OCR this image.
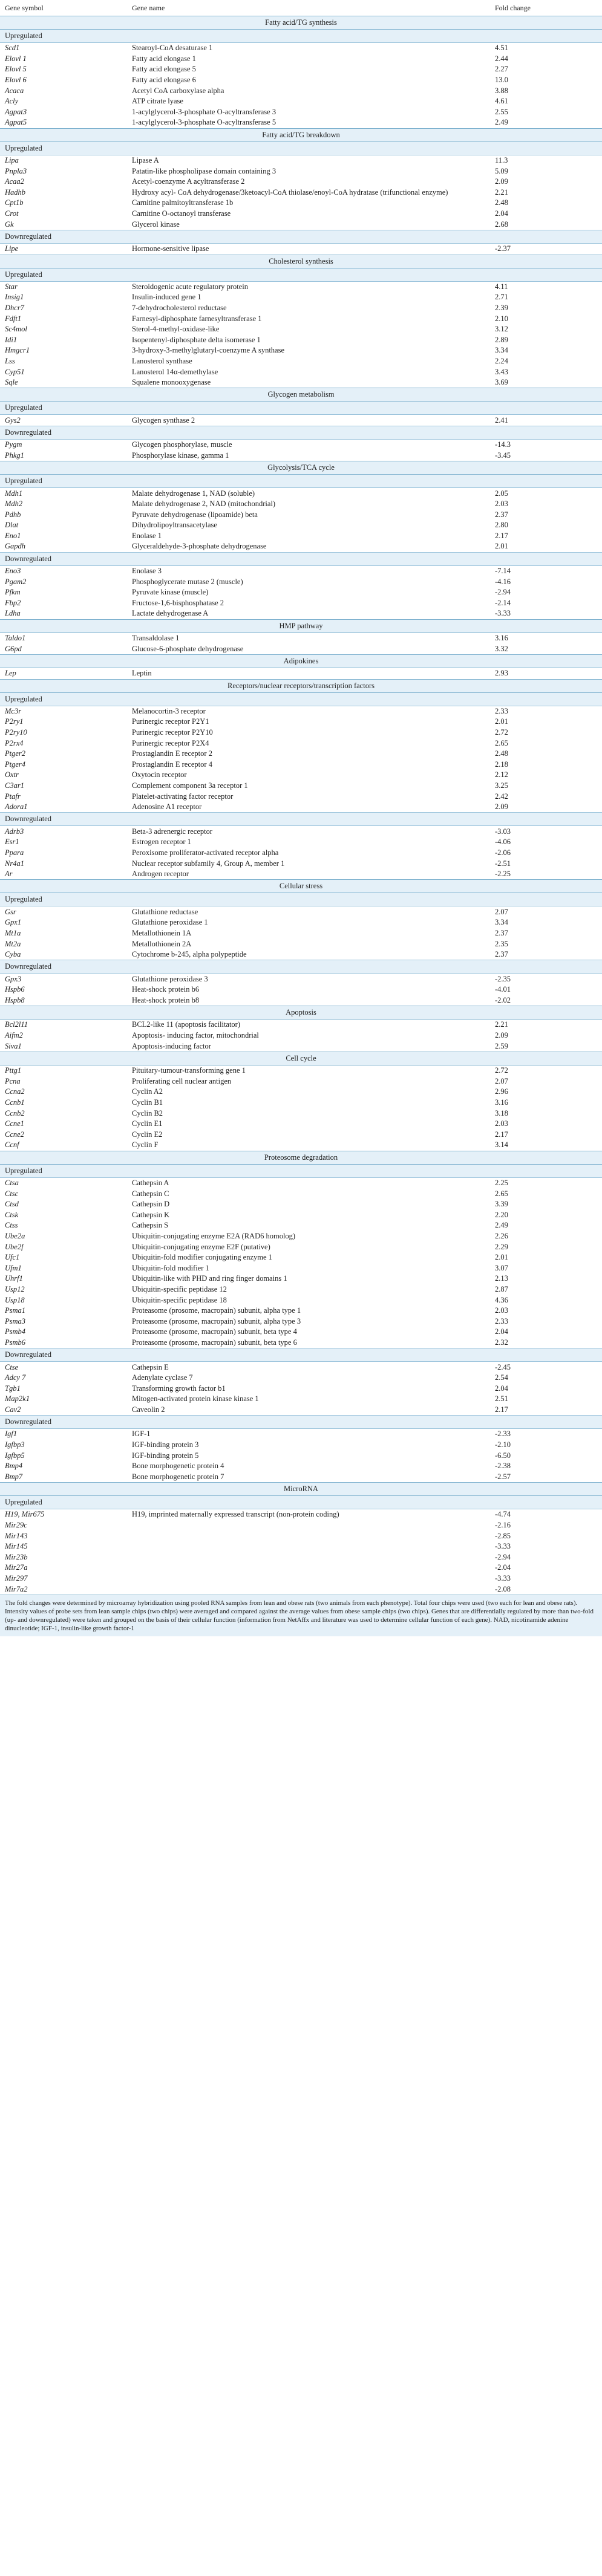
Gene symbol	Gene name	Fold change
Fatty acid/TG synthesis		
Upregulated		
Scd1	Stearoyl-CoA desaturase 1	4.51
Elovl 1	Fatty acid elongase 1	2.44
Elovl 5	Fatty acid elongase 5	2.27
Elovl 6	Fatty acid elongase 6	13.0
Acaca	Acetyl CoA carboxylase alpha	3.88
Acly	ATP citrate lyase	4.61
Agpat3	1-acylglycerol-3-phosphate O-acyltransferase 3	2.55
Agpat5	1-acylglycerol-3-phosphate O-acyltransferase 5	2.49
Fatty acid/TG breakdown		
Upregulated		
Lipa	Lipase A	11.3
Pnpla3	Patatin-like phospholipase domain containing 3	5.09
Acaa2	Acetyl-coenzyme A acyltransferase 2	2.09
Hadhb	Hydroxy acyl- CoA dehydrogenase/3ketoacyl-CoA thiolase/enoyl-CoA hydratase (trifunctional enzyme)	2.21
Cpt1b	Carnitine palmitoyltransferase 1b	2.48
Crot	Carnitine O-octanoyl transferase	2.04
Gk	Glycerol kinase	2.68
Downregulated		
Lipe	Hormone-sensitive lipase	-2.37
Cholesterol synthesis		
Upregulated		
Star	Steroidogenic acute regulatory protein	4.11
Insig1	Insulin-induced gene 1	2.71
Dhcr7	7-dehydrocholesterol reductase	2.39
Fdft1	Farnesyl-diphosphate farnesyltransferase 1	2.10
Sc4mol	Sterol-4-methyl-oxidase-like	3.12
Idi1	Isopentenyl-diphosphate delta isomerase 1	2.89
Hmgcr1	3-hydroxy-3-methylglutaryl-coenzyme A synthase	3.34
Lss	Lanosterol synthase	2.24
Cyp51	Lanosterol 14α-demethylase	3.43
Sqle	Squalene monooxygenase	3.69
Glycogen metabolism		
Upregulated		
Gys2	Glycogen synthase 2	2.41
Downregulated		
Pygm	Glycogen phosphorylase, muscle	-14.3
Phkg1	Phosphorylase kinase, gamma 1	-3.45
Glycolysis/TCA cycle		
Upregulated		
Mdh1	Malate dehydrogenase 1, NAD (soluble)	2.05
Mdh2	Malate dehydrogenase 2, NAD (mitochondrial)	2.03
Pdhb	Pyruvate dehydrogenase (lipoamide) beta	2.37
Dlat	Dihydrolipoyltransacetylase	2.80
Eno1	Enolase 1	2.17
Gapdh	Glyceraldehyde-3-phosphate dehydrogenase	2.01
Downregulated		
Eno3	Enolase 3	-7.14
Pgam2	Phosphoglycerate mutase 2 (muscle)	-4.16
Pfkm	Pyruvate kinase (muscle)	-2.94
Fbp2	Fructose-1,6-bisphosphatase 2	-2.14
Ldha	Lactate dehydrogenase A	-3.33
HMP pathway		
Taldo1	Transaldolase 1	3.16
G6pd	Glucose-6-phosphate dehydrogenase	3.32
Adipokines		
Lep	Leptin	2.93
Receptors/nuclear receptors/transcription factors		
Upregulated		
Mc3r	Melanocortin-3 receptor	2.33
P2ry1	Purinergic receptor P2Y1	2.01
P2ry10	Purinergic receptor P2Y10	2.72
P2rx4	Purinergic receptor P2X4	2.65
Ptger2	Prostaglandin E receptor 2	2.48
Ptger4	Prostaglandin E receptor 4	2.18
Oxtr	Oxytocin receptor	2.12
C3ar1	Complement component 3a receptor 1	3.25
Ptafr	Platelet-activating factor receptor	2.42
Adora1	Adenosine A1 receptor	2.09
Downregulated		
Adrb3	Beta-3 adrenergic receptor	-3.03
Esr1	Estrogen receptor 1	-4.06
Ppara	Peroxisome proliferator-activated receptor alpha	-2.06
Nr4a1	Nuclear receptor subfamily 4, Group A, member 1	-2.51
Ar	Androgen receptor	-2.25
Cellular stress		
Upregulated		
Gsr	Glutathione reductase	2.07
Gpx1	Glutathione peroxidase 1	3.34
Mt1a	Metallothionein 1A	2.37
Mt2a	Metallothionein 2A	2.35
Cyba	Cytochrome b-245, alpha polypeptide	2.37
Downregulated		
Gpx3	Glutathione peroxidase 3	-2.35
Hspb6	Heat-shock protein b6	-4.01
Hspb8	Heat-shock protein b8	-2.02
Apoptosis		
Bcl2l11	BCL2-like 11 (apoptosis facilitator)	2.21
Aifm2	Apoptosis- inducing factor, mitochondrial	2.09
Siva1	Apoptosis-inducing factor	2.59
Cell cycle		
Pttg1	Pituitary-tumour-transforming gene 1	2.72
Pcna	Proliferating cell nuclear antigen	2.07
Ccna2	Cyclin A2	2.96
Ccnb1	Cyclin B1	3.16
Ccnb2	Cyclin B2	3.18
Ccne1	Cyclin E1	2.03
Ccne2	Cyclin E2	2.17
Ccnf	Cyclin F	3.14
Proteosome degradation		
Upregulated		
Ctsa	Cathepsin A	2.25
Ctsc	Cathepsin C	2.65
Ctsd	Cathepsin D	3.39
Ctsk	Cathepsin K	2.20
Ctss	Cathepsin S	2.49
Ube2a	Ubiquitin-conjugating enzyme E2A (RAD6 homolog)	2.26
Ube2f	Ubiquitin-conjugating enzyme E2F (putative)	2.29
Ufc1	Ubiquitin-fold modifier conjugating enzyme 1	2.01
Ufm1	Ubiquitin-fold modifier 1	3.07
Uhrf1	Ubiquitin-like with PHD and ring finger domains 1	2.13
Usp12	Ubiquitin-specific peptidase 12	2.87
Usp18	Ubiquitin-specific peptidase 18	4.36
Psma1	Proteasome (prosome, macropain) subunit, alpha type 1	2.03
Psma3	Proteasome (prosome, macropain) subunit, alpha type 3	2.33
Psmb4	Proteasome (prosome, macropain) subunit, beta type 4	2.04
Psmb6	Proteasome (prosome, macropain) subunit, beta type 6	2.32
Downregulated		
Ctse	Cathepsin E	-2.45
Adcy 7	Adenylate cyclase 7	2.54
Tgb1	Transforming growth factor b1	2.04
Map2k1	Mitogen-activated protein kinase kinase 1	2.51
Cav2	Caveolin 2	2.17
Downregulated		
Igf1	IGF-1	-2.33
Igfbp3	IGF-binding protein 3	-2.10
Igfbp5	IGF-binding protein 5	-6.50
Bmp4	Bone morphogenetic protein 4	-2.38
Bmp7	Bone morphogenetic protein 7	-2.57
MicroRNA		
Upregulated		
H19, Mir675	H19, imprinted maternally expressed transcript (non-protein coding)	-4.74
Mir29c		-2.16
Mir143		-2.85
Mir145		-3.33
Mir23b		-2.94
Mir27a		-2.04
Mir297		-3.33
Mir7a2		-2.08
The fold changes were determined by microarray hybridization using pooled RNA samples from lean and obese rats (two animals from each phenotype). Total four chips were used (two each for lean and obese rats). Intensity values of probe sets from lean sample chips (two chips) were averaged and compared against the average values from obese sample chips (two chips). Genes that are differentially regulated by more than two-fold (up- and downregulated) were taken and grouped on the basis of their cellular function (information from NetAffx and literature was used to determine cellular function of each gene). NAD, nicotinamide adenine dinucleotide; IGF-1, insulin-like growth factor-1
